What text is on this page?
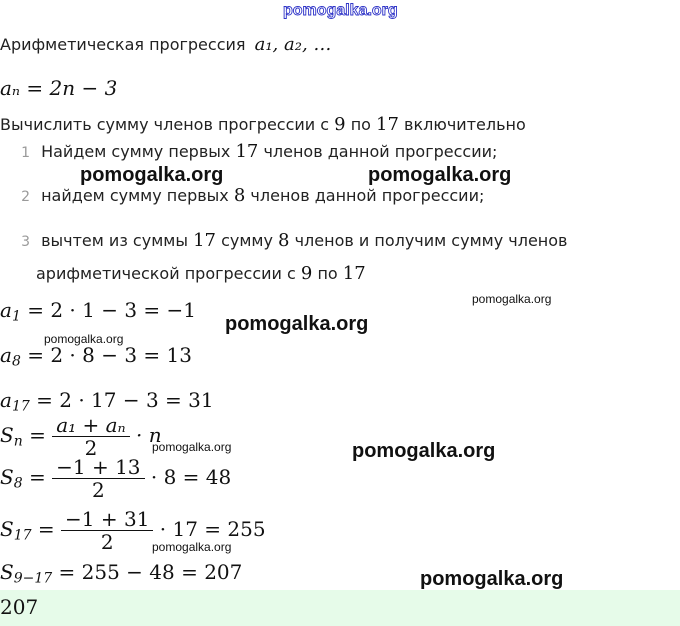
pomogalka.org
Арифметическая прогрессия a₁, a₂, …
aₙ = 2n − 3
Вычислить сумму членов прогрессии с 9 по 17 включительно
1 Найдем сумму первых 17 членов данной прогрессии;
2 найдем сумму первых 8 членов данной прогрессии;
3 вычтем из суммы 17 сумму 8 членов и получим сумму членов
арифметической прогрессии с 9 по 17
$a_1 = 2 \cdot 1 - 3 = -1$
$a_8 = 2 \cdot 8 - 3 = 13$
$a_{17} = 2 \cdot 17 - 3 = 31$
$S_n = \frac{\text{a₁ + aₙ}}{2} \cdot n$
$S_8 = \frac{-1 + 13}{2} \cdot 8 = 48$
$S_{17} = \frac{-1 + 31}{2} \cdot 17 = 255$
$S_{9-17} = 255 - 48 = 207$
207
pomogalka.org	pomogalka.org
pomogalka.org
pomogalka.org
pomogalka.org
pomogalka.org	pomogalka.org
pomogalka.org
pomogalka.org
